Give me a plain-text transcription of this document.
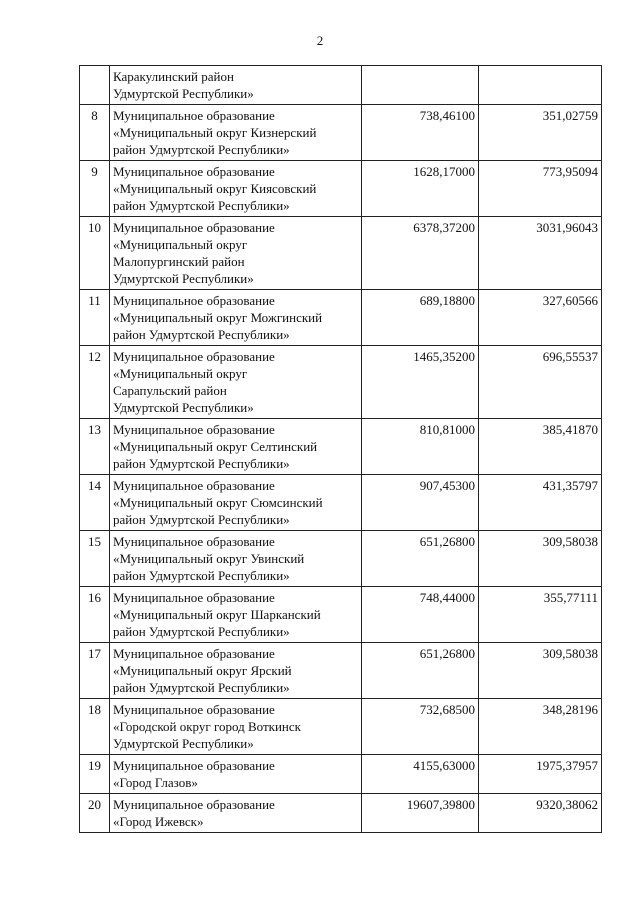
2

	Каракулинский район
Удмуртской Республики»		

8	Муниципальное образование
«Муниципальный округ Кизнерский
район Удмуртской Республики»	738,46100	351,02759
9	Муниципальное образование
«Муниципальный округ Киясовский
район Удмуртской Республики»	1628,17000	773,95094
10	Муниципальное образование
«Муниципальный округ
Малопургинский район
Удмуртской Республики»	6378,37200	3031,96043
11	Муниципальное образование
«Муниципальный округ Можгинский
район Удмуртской Республики»	689,18800	327,60566
12	Муниципальное образование
«Муниципальный округ
Сарапульский район
Удмуртской Республики»	1465,35200	696,55537
13	Муниципальное образование
«Муниципальный округ Селтинский
район Удмуртской Республики»	810,81000	385,41870
14	Муниципальное образование
«Муниципальный округ Сюмсинский
район Удмуртской Республики»	907,45300	431,35797
15	Муниципальное образование
«Муниципальный округ Увинский
район Удмуртской Республики»	651,26800	309,58038
16	Муниципальное образование
«Муниципальный округ Шарканский
район Удмуртской Республики»	748,44000	355,77111
17	Муниципальное образование
«Муниципальный округ Ярский
район Удмуртской Республики»	651,26800	309,58038
18	Муниципальное образование
«Городской округ город Воткинск
Удмуртской Республики»	732,68500	348,28196
19	Муниципальное образование
«Город Глазов»	4155,63000	1975,37957
20	Муниципальное образование
«Город Ижевск»	19607,39800	9320,38062
